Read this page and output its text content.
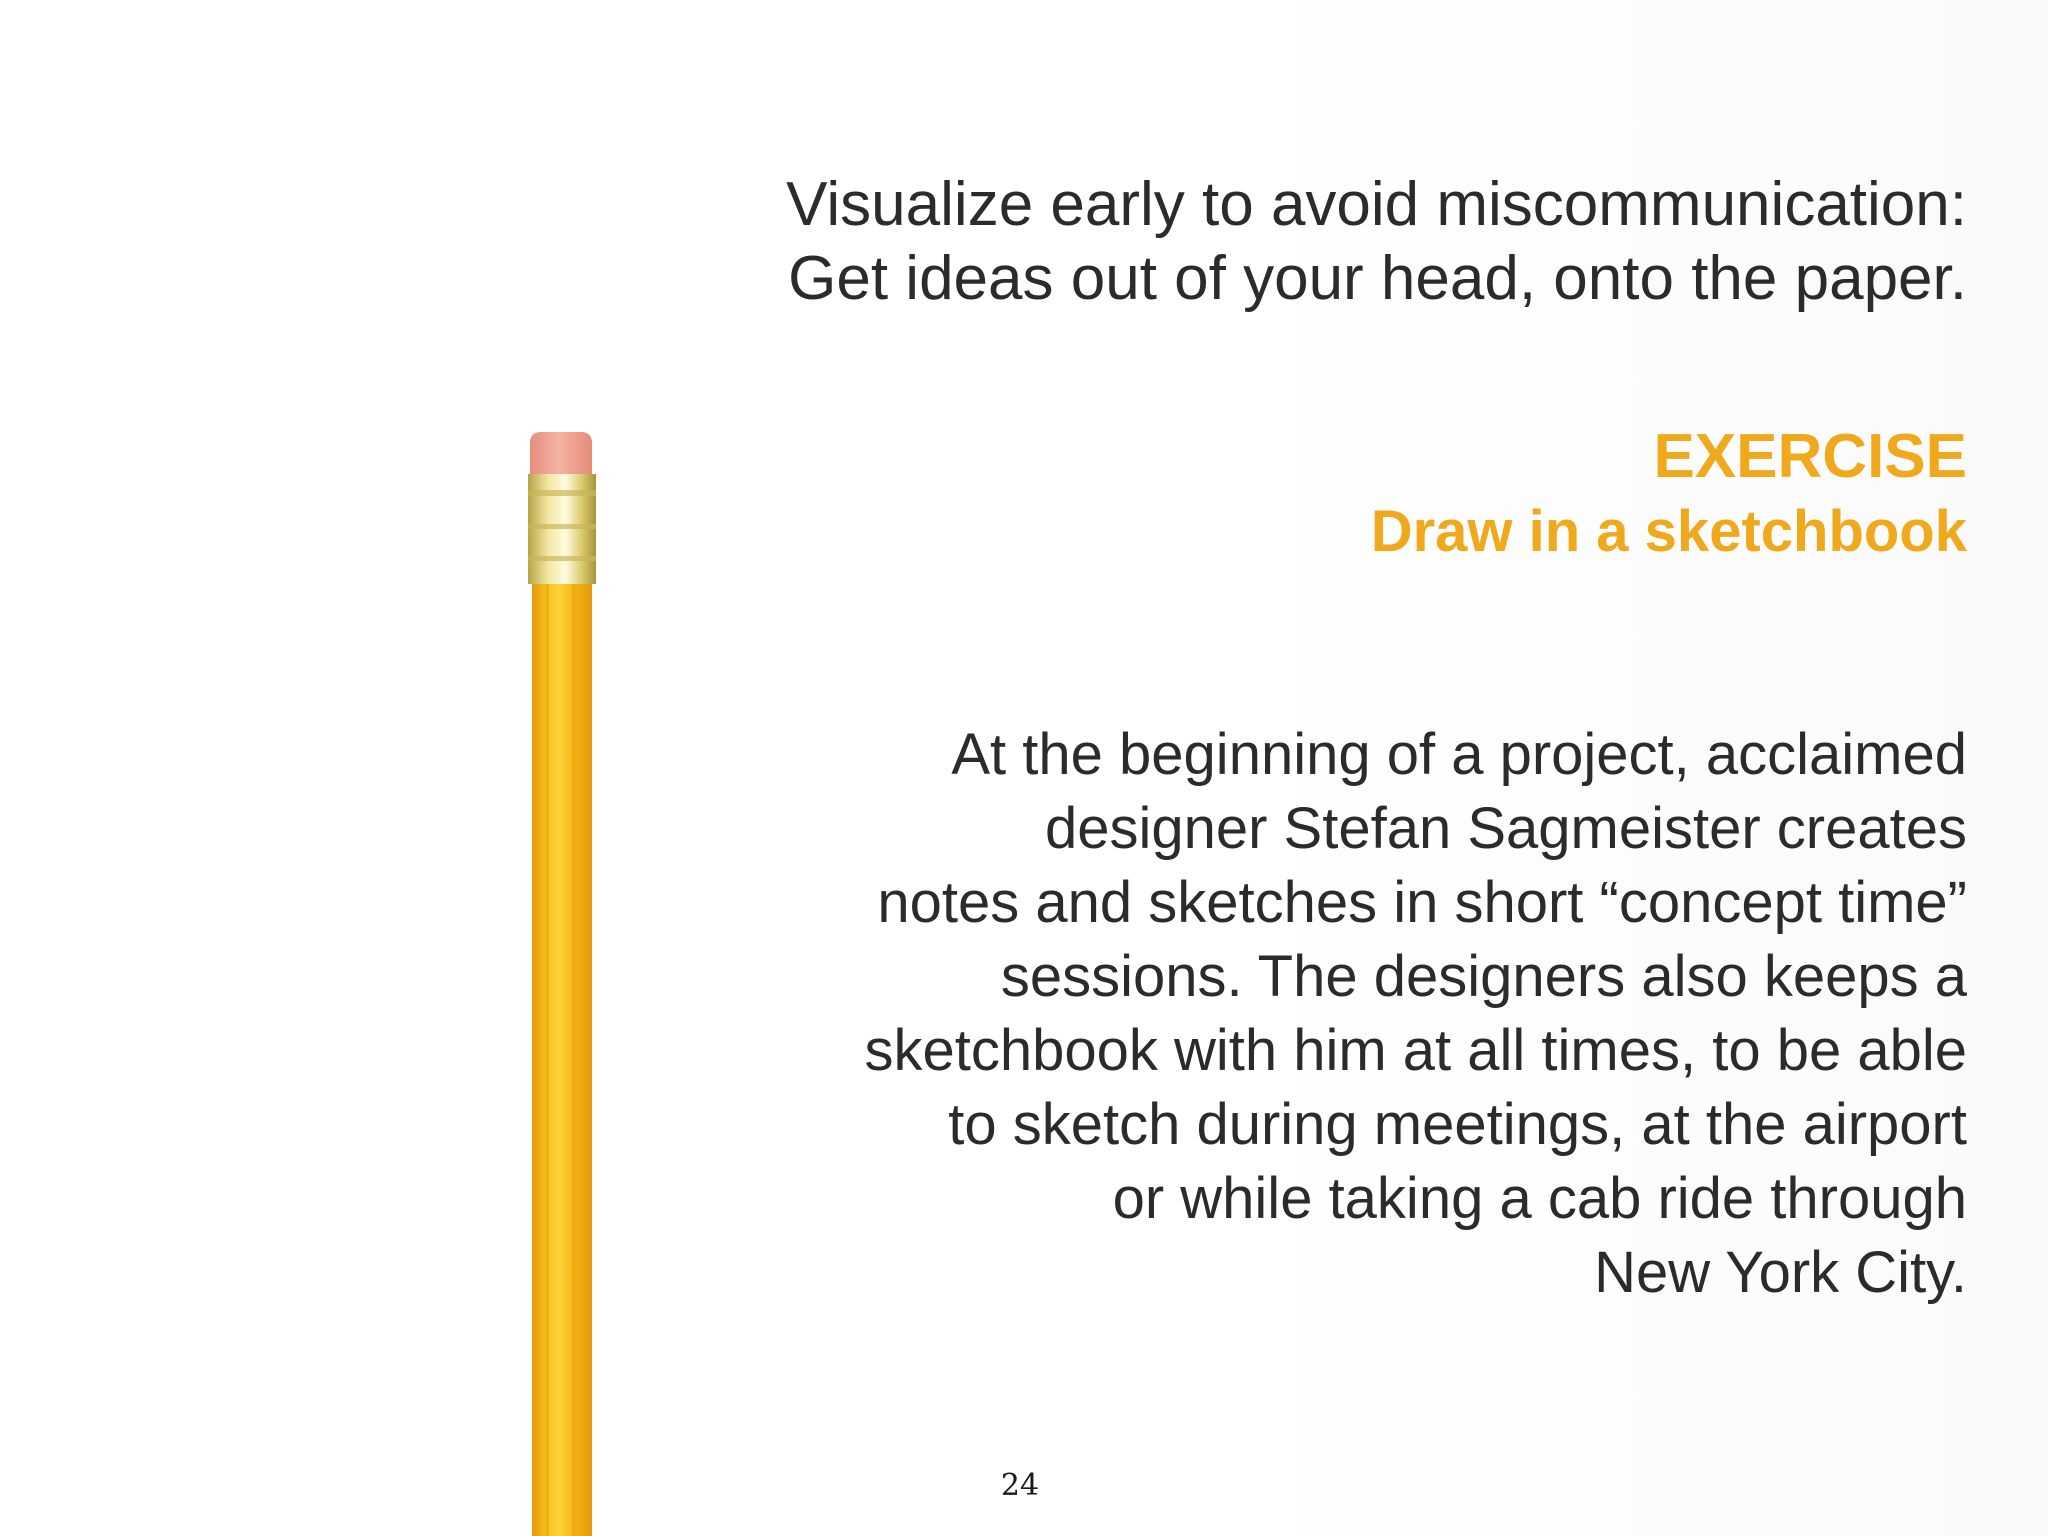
Visualize early to avoid miscommunication:
Get ideas out of your head, onto the paper.
EXERCISE
Draw in a sketchbook
At the beginning of a project, acclaimed
designer Stefan Sagmeister creates
notes and sketches in short “concept time”
sessions. The designers also keeps a
sketchbook with him at all times, to be able
to sketch during meetings, at the airport
or while taking a cab ride through
New York City.
24
